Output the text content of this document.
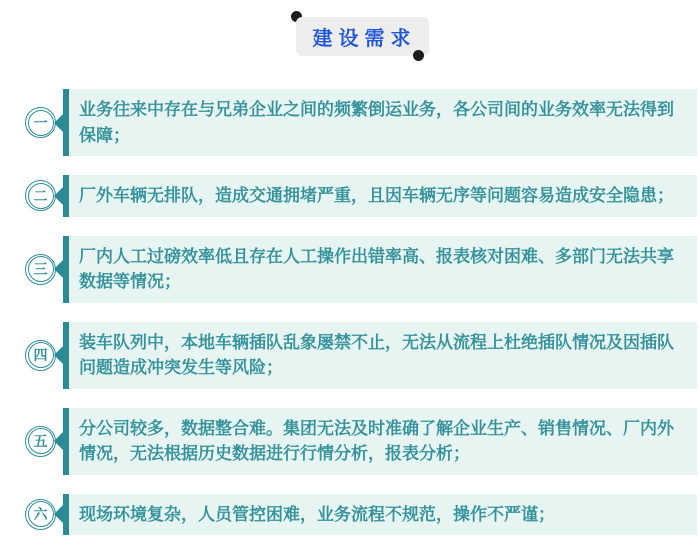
建设需求
一

业务往来中存在与兄弟企业之间的频繁倒运业务，各公司间的业务效率无法得到保障；

二 厂外车辆无排队，造成交通拥堵严重，且因车辆无序等问题容易造成安全隐患；

三

厂内人工过磅效率低且存在人工操作出错率高、报表核对困难、多部门无法共享数据等情况；

四

装车队列中，本地车辆插队乱象屡禁不止，无法从流程上杜绝插队情况及因插队问题造成冲突发生等风险；

五

分公司较多，数据整合难。集团无法及时准确了解企业生产、销售情况、厂内外情况，无法根据历史数据进行行情分析，报表分析；

六 现场环境复杂，人员管控困难，业务流程不规范，操作不严谨；
